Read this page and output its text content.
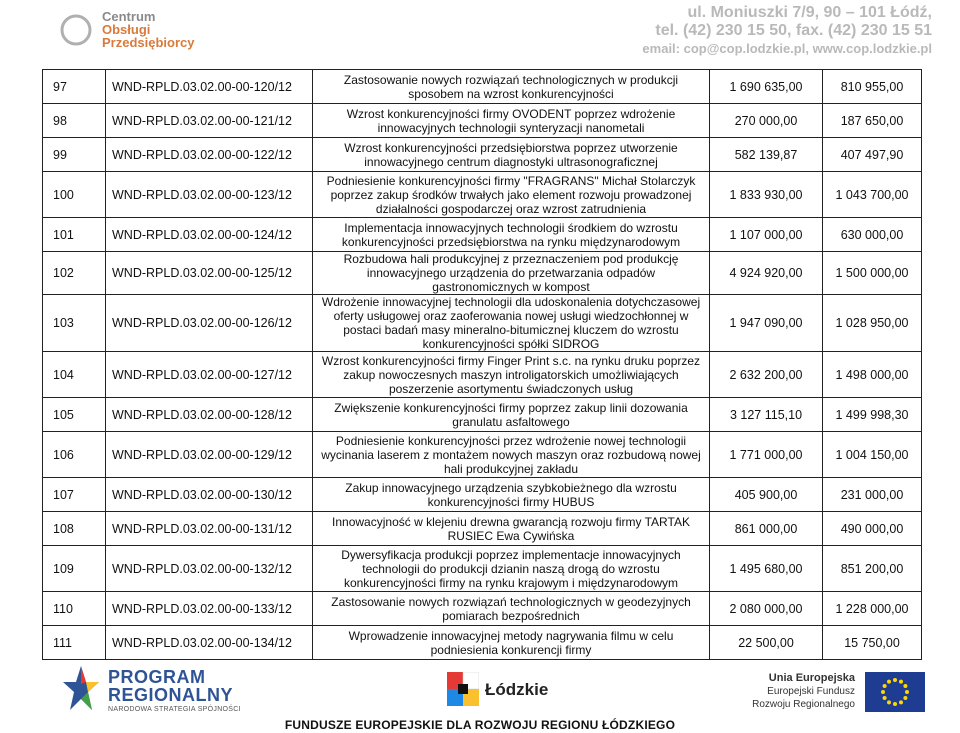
Centrum
Obsługi
Przedsiębiorcy
ul. Moniuszki 7/9, 90 – 101 Łódź,
tel. (42) 230 15 50, fax. (42) 230 15 51
email: cop@cop.lodzkie.pl, www.cop.lodzkie.pl
97	WND-RPLD.03.02.00-00-120/12	Zastosowanie nowych rozwiązań technologicznych w produkcji sposobem na wzrost konkurencyjności	1 690 635,00	810 955,00
98	WND-RPLD.03.02.00-00-121/12	Wzrost konkurencyjności firmy OVODENT poprzez wdrożenie innowacyjnych technologii synteryzacji nanometali	270 000,00	187 650,00
99	WND-RPLD.03.02.00-00-122/12	Wzrost konkurencyjności przedsiębiorstwa poprzez utworzenie innowacyjnego centrum diagnostyki ultrasonograficznej	582 139,87	407 497,90
100	WND-RPLD.03.02.00-00-123/12	Podniesienie konkurencyjności firmy "FRAGRANS" Michał Stolarczyk poprzez zakup środków trwałych jako element rozwoju prowadzonej działalności gospodarczej oraz wzrost zatrudnienia	1 833 930,00	1 043 700,00
101	WND-RPLD.03.02.00-00-124/12	Implementacja innowacyjnych technologii środkiem do wzrostu konkurencyjności przedsiębiorstwa na rynku międzynarodowym	1 107 000,00	630 000,00
102	WND-RPLD.03.02.00-00-125/12	Rozbudowa hali produkcyjnej z przeznaczeniem pod produkcję innowacyjnego urządzenia do przetwarzania odpadów gastronomicznych w kompost	4 924 920,00	1 500 000,00
103	WND-RPLD.03.02.00-00-126/12	Wdrożenie innowacyjnej technologii dla udoskonalenia dotychczasowej oferty usługowej oraz zaoferowania nowej usługi wiedzochłonnej w postaci badań masy mineralno-bitumicznej kluczem do wzrostu konkurencyjności spółki SIDROG	1 947 090,00	1 028 950,00
104	WND-RPLD.03.02.00-00-127/12	Wzrost konkurencyjności firmy Finger Print s.c. na rynku druku poprzez zakup nowoczesnych maszyn introligatorskich umożliwiających poszerzenie asortymentu świadczonych usług	2 632 200,00	1 498 000,00
105	WND-RPLD.03.02.00-00-128/12	Zwiększenie konkurencyjności firmy poprzez zakup linii dozowania granulatu asfaltowego	3 127 115,10	1 499 998,30
106	WND-RPLD.03.02.00-00-129/12	Podniesienie konkurencyjności przez wdrożenie nowej technologii wycinania laserem z montażem nowych maszyn oraz rozbudową nowej hali produkcyjnej zakładu	1 771 000,00	1 004 150,00
107	WND-RPLD.03.02.00-00-130/12	Zakup innowacyjnego urządzenia szybkobieżnego dla wzrostu konkurencyjności firmy HUBUS	405 900,00	231 000,00
108	WND-RPLD.03.02.00-00-131/12	Innowacyjność w klejeniu drewna gwarancją rozwoju firmy TARTAK RUSIEC Ewa Cywińska	861 000,00	490 000,00
109	WND-RPLD.03.02.00-00-132/12	Dywersyfikacja produkcji poprzez implementacje innowacyjnych technologii do produkcji dzianin naszą drogą do wzrostu konkurencyjności firmy na rynku krajowym i międzynarodowym	1 495 680,00	851 200,00
110	WND-RPLD.03.02.00-00-133/12	Zastosowanie nowych rozwiązań technologicznych w geodezyjnych pomiarach bezpośrednich	2 080 000,00	1 228 000,00
111	WND-RPLD.03.02.00-00-134/12	Wprowadzenie innowacyjnej metody nagrywania filmu w celu podniesienia konkurencji firmy	22 500,00	15 750,00
PROGRAM
REGIONALNY
NARODOWA STRATEGIA SPÓJNOŚCI
Łódzkie
Unia Europejska
Europejski Fundusz
Rozwoju Regionalnego
FUNDUSZE EUROPEJSKIE DLA ROZWOJU REGIONU ŁÓDZKIEGO
